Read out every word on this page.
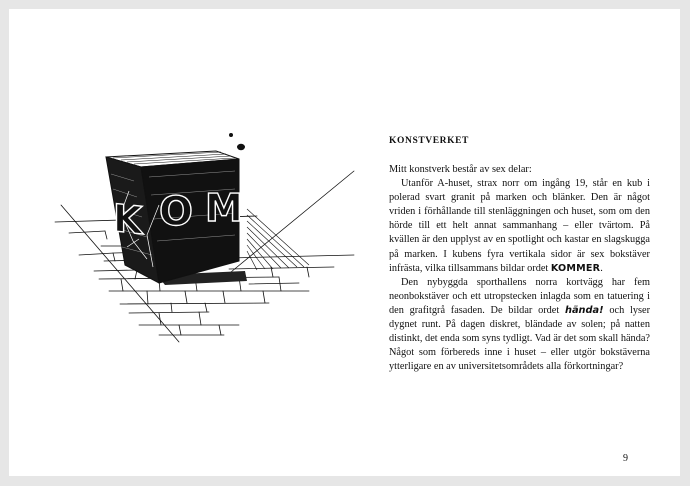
K O M
KONSTVERKET

Mitt konstverk består av sex delar:

Utanför A-huset, strax norr om ingång 19, står en kub i polerad svart granit på marken och blänker. Den är något vriden i förhållande till stenläggningen och huset, som om den hörde till ett helt annat sammanhang – eller tvärtom. På kvällen är den upplyst av en spotlight och kastar en slagskugga på marken. I kubens fyra vertikala sidor är sex bokstäver infrästa, vilka tillsammans bildar ordet KOMMER.

Den nybyggda sporthallens norra kortvägg har fem neonbokstäver och ett utropstecken inlagda som en tatuering i den grafitgrå fasaden. De bildar ordet hända! och lyser dygnet runt. På dagen diskret, bländade av solen; på natten distinkt, det enda som syns tydligt. Vad är det som skall hända? Något som förbereds inne i huset – eller utgör bokstäverna ytterligare en av universitetsområdets alla förkortningar?

9
